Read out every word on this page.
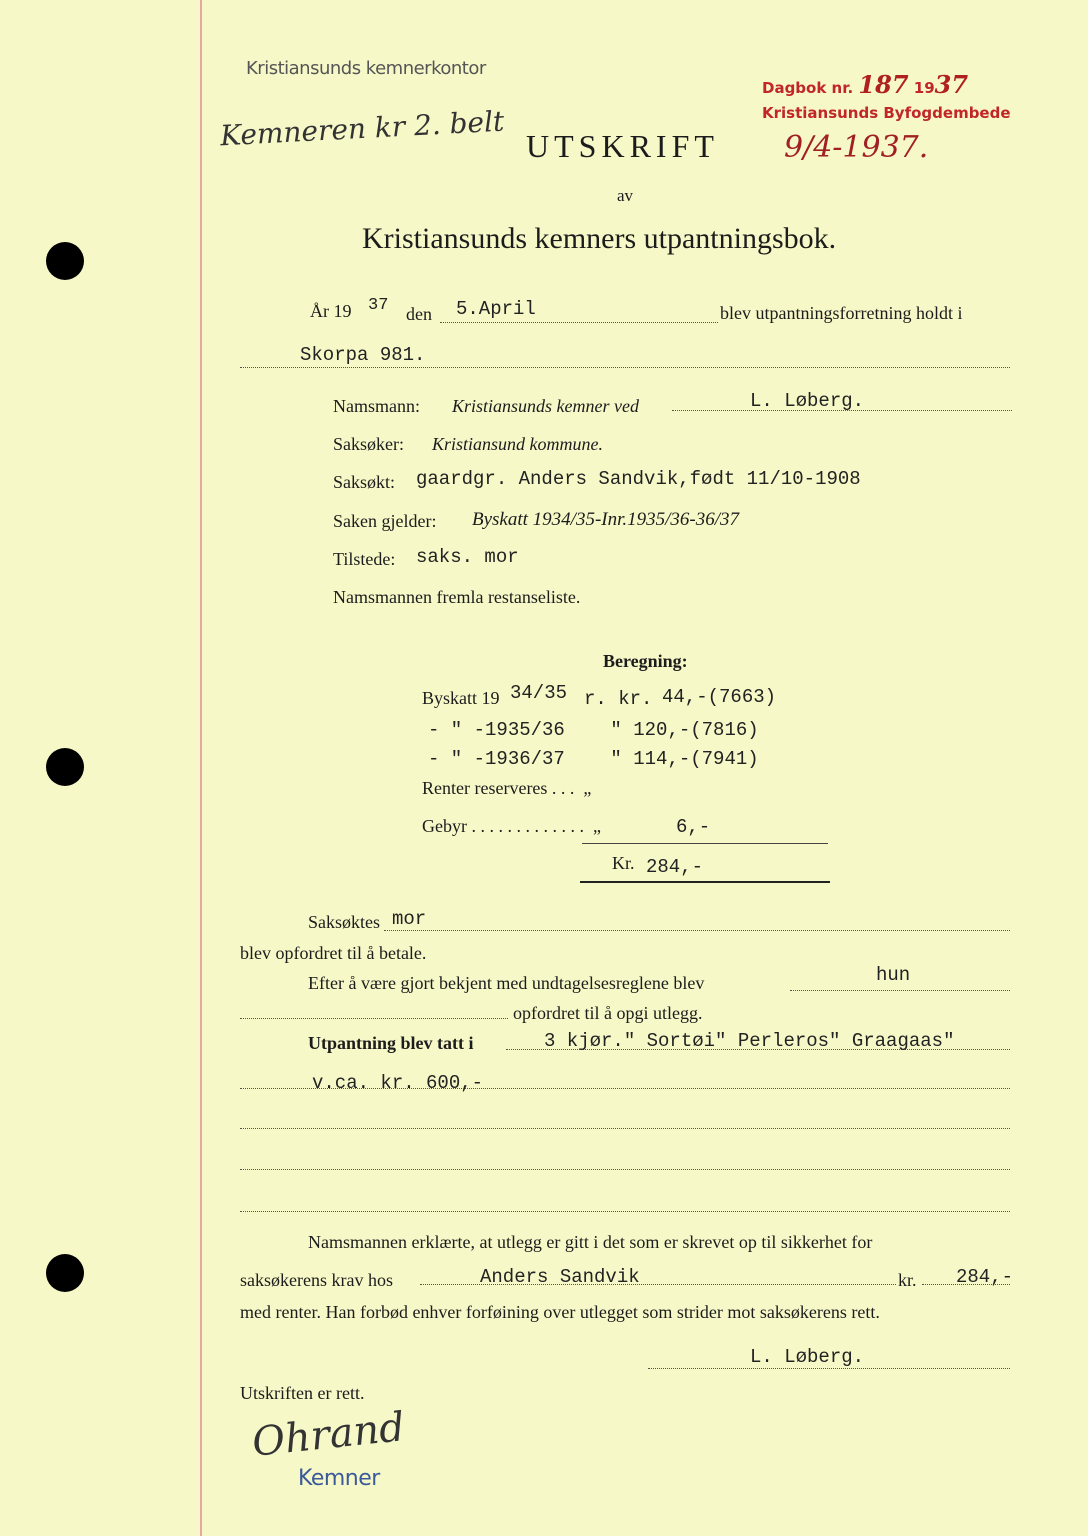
Kristiansunds kemnerkontor
Kemneren kr 2. belt UTSKRIFT
av
Kristiansunds kemners utpantningsbok.
Dagbok nr. 187 1937
Kristiansunds Byfogdembede
9/4-1937.
År 19 37 den 5.April	blev utpantningsforretning holdt i
Skorpa 981.
Namsmann: Kristiansunds kemner ved	L. Løberg.
Saksøker: Kristiansund kommune.
Saksøkt: gaardgr. Anders Sandvik,født 11/10-1908
Saken gjelder: Byskatt 1934/35-Inr.1935/36-36/37
Tilstede: saks. mor
Namsmannen fremla restanseliste.
Beregning:
Byskatt 19 34/35 r. kr. 44,-(7663)
- " -1935/36    " 120,-(7816)
- " -1936/37    " 114,-(7941)
Renter reserveres . . .  „
Gebyr . . . . . . . . . . . . .  „	6,-
Kr. 284,-
Saksøktes mor
blev opfordret til å betale.
Efter å være gjort bekjent med undtagelsesreglene blev	hun
opfordret til å opgi utlegg.
Utpantning blev tatt i	3 kjør." Sortøi" Perleros" Graagaas"
v.ca. kr. 600,-
Namsmannen erklærte, at utlegg er gitt i det som er skrevet op til sikkerhet for
saksøkerens krav hos	Anders Sandvik	kr. 284,-
med renter. Han forbød enhver forføining over utlegget som strider mot saksøkerens rett.
L. Løberg.
Utskriften er rett.
Ohrand
Kemner
